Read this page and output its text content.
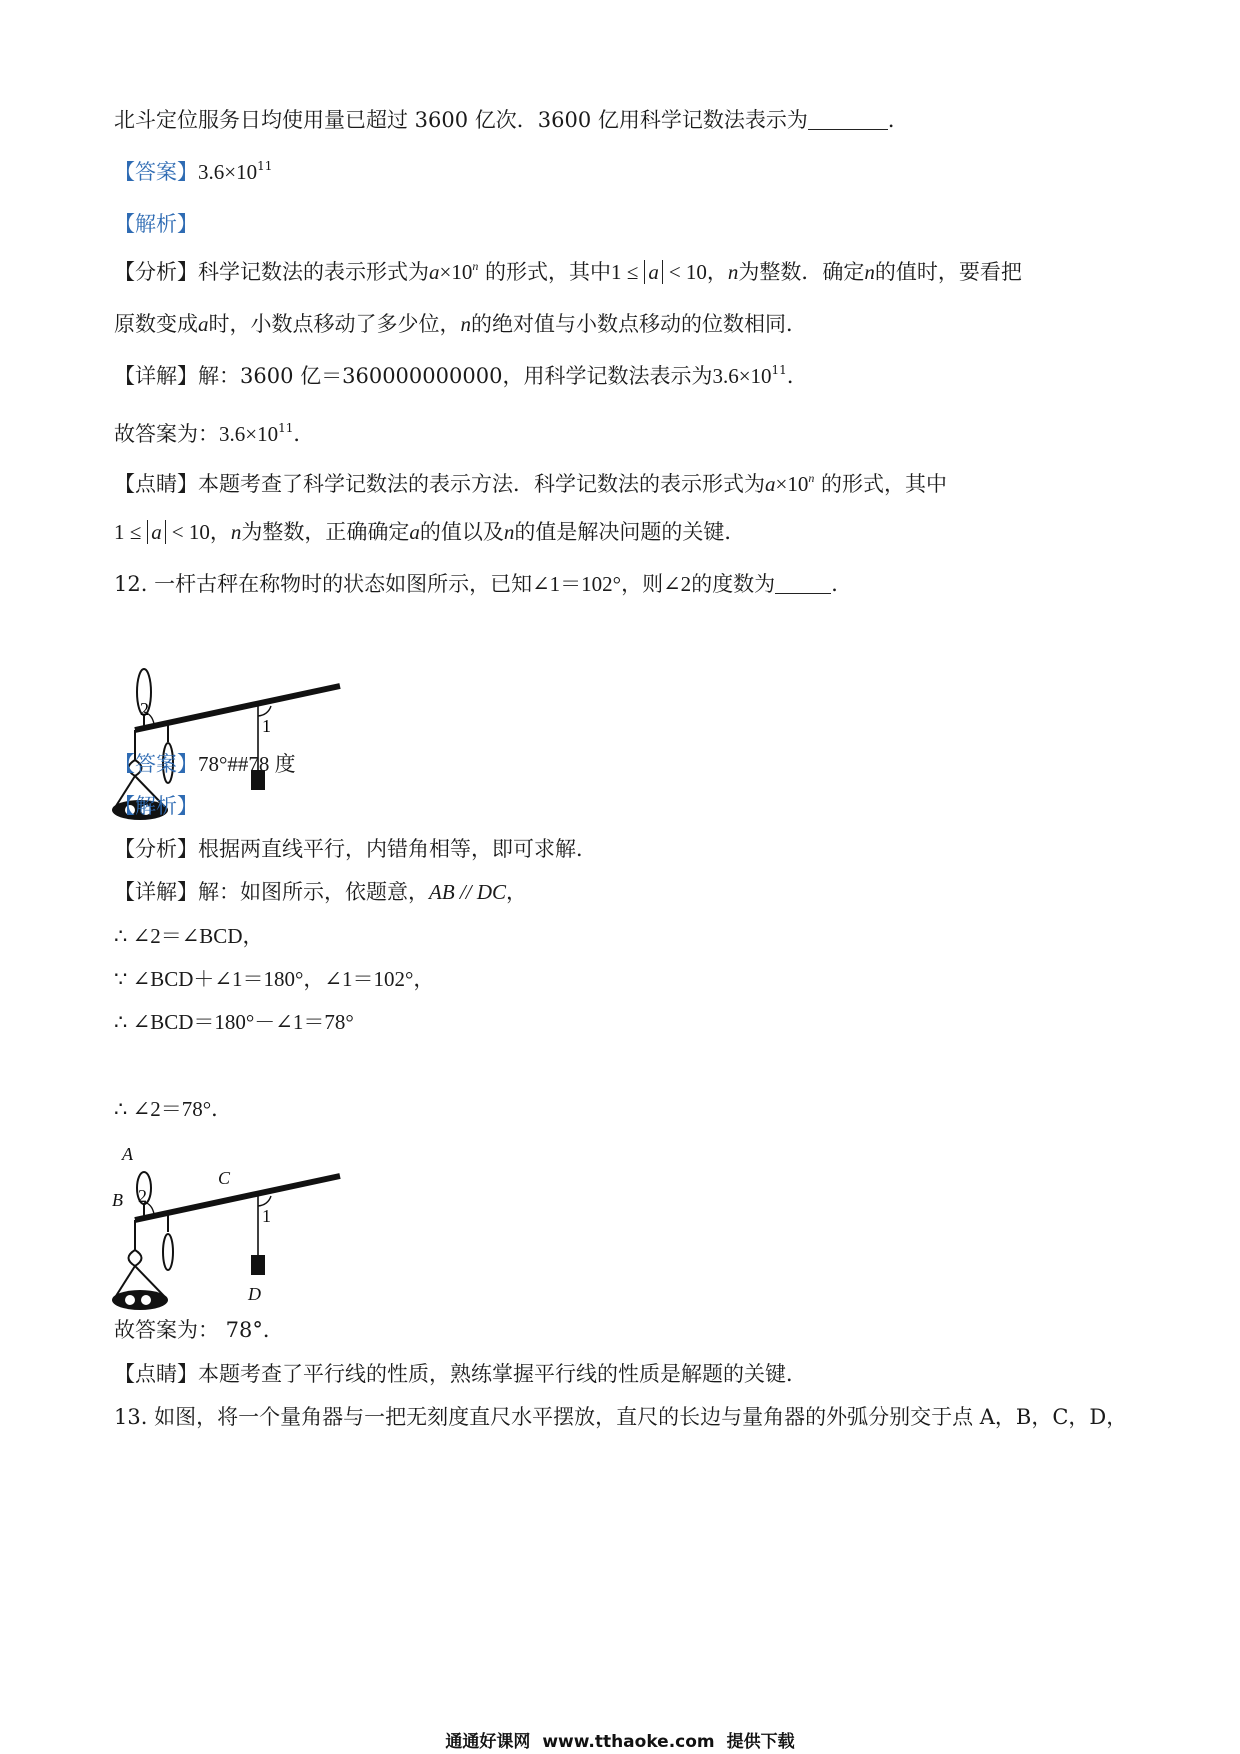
北斗定位服务日均使用量已超过 3600 亿次．3600 亿用科学记数法表示为	．
【答案】$3.6\times 10^{11}$
【解析】
【分析】科学记数法的表示形式为$a\times 10^n$ 的形式，其中1 ≤ a < 10，n为整数．确定n的值时，要看把
原数变成a时，小数点移动了多少位，n的绝对值与小数点移动的位数相同．
【详解】解：3600 亿＝360000000000，用科学记数法表示为$3.6\times 10^{11}$．
故答案为：$3.6\times 10^{11}$．
【点睛】本题考查了科学记数法的表示方法．科学记数法的表示形式为$a\times 10^n$ 的形式，其中
1 ≤ a < 10，n为整数，正确确定a的值以及n的值是解决问题的关键．
12. 一杆古秤在称物时的状态如图所示，已知∠1＝102°，则∠2的度数为	．
2
1
【答案】78°##78 度
【解析】
【分析】根据两直线平行，内错角相等，即可求解．
【详解】解：如图所示，依题意，AB // DC，
∴ ∠2＝∠BCD，
∵ ∠BCD＋∠1＝180°，∠1＝102°，
∴ ∠BCD＝180°－∠1＝78°
∴ ∠2＝78°．
A
B
C
D
2
1
故答案为： 78°．
【点睛】本题考查了平行线的性质，熟练掌握平行线的性质是解题的关键．
13. 如图，将一个量角器与一把无刻度直尺水平摆放，直尺的长边与量角器的外弧分别交于点 A，B，C，D，
通通好课网 www.tthaoke.com 提供下载
